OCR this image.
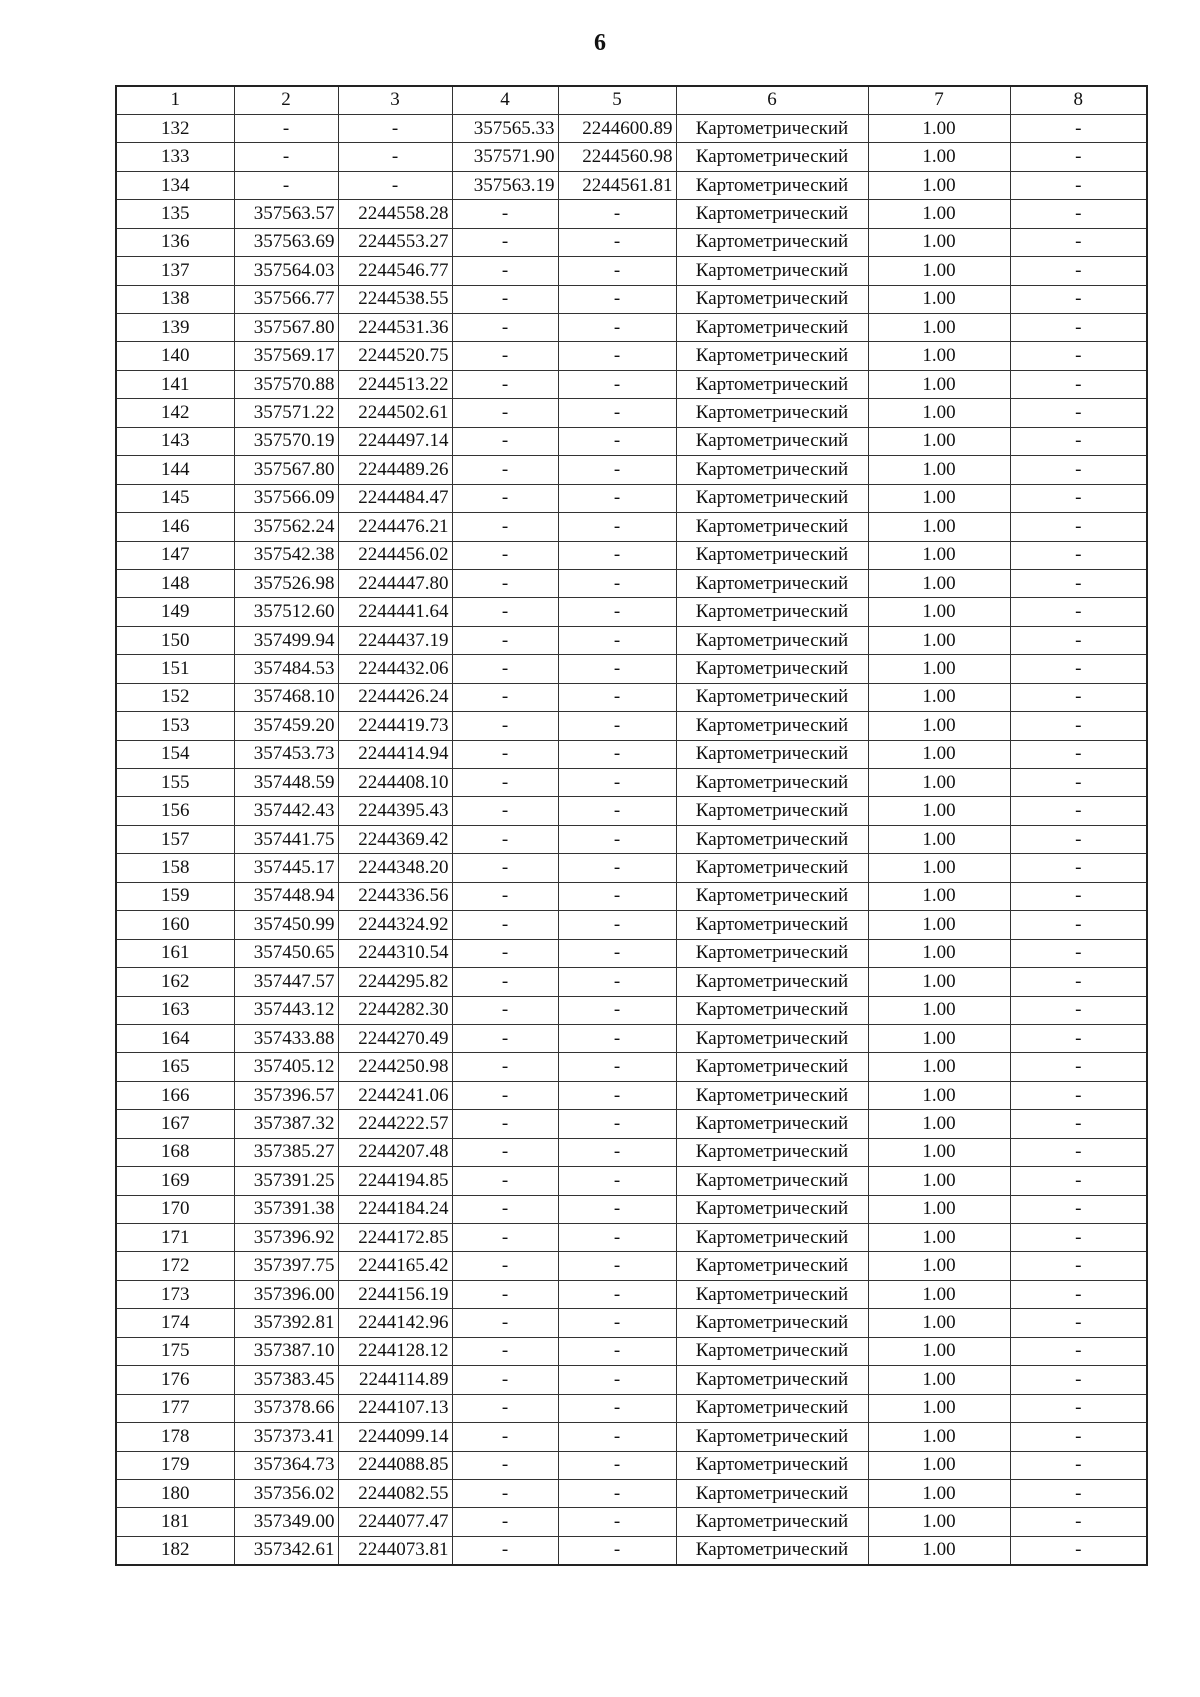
6
1	2	3	4	5	6	7	8
132	-	-	357565.33	2244600.89	Картометрический	1.00	-
133	-	-	357571.90	2244560.98	Картометрический	1.00	-
134	-	-	357563.19	2244561.81	Картометрический	1.00	-
135	357563.57	2244558.28	-	-	Картометрический	1.00	-
136	357563.69	2244553.27	-	-	Картометрический	1.00	-
137	357564.03	2244546.77	-	-	Картометрический	1.00	-
138	357566.77	2244538.55	-	-	Картометрический	1.00	-
139	357567.80	2244531.36	-	-	Картометрический	1.00	-
140	357569.17	2244520.75	-	-	Картометрический	1.00	-
141	357570.88	2244513.22	-	-	Картометрический	1.00	-
142	357571.22	2244502.61	-	-	Картометрический	1.00	-
143	357570.19	2244497.14	-	-	Картометрический	1.00	-
144	357567.80	2244489.26	-	-	Картометрический	1.00	-
145	357566.09	2244484.47	-	-	Картометрический	1.00	-
146	357562.24	2244476.21	-	-	Картометрический	1.00	-
147	357542.38	2244456.02	-	-	Картометрический	1.00	-
148	357526.98	2244447.80	-	-	Картометрический	1.00	-
149	357512.60	2244441.64	-	-	Картометрический	1.00	-
150	357499.94	2244437.19	-	-	Картометрический	1.00	-
151	357484.53	2244432.06	-	-	Картометрический	1.00	-
152	357468.10	2244426.24	-	-	Картометрический	1.00	-
153	357459.20	2244419.73	-	-	Картометрический	1.00	-
154	357453.73	2244414.94	-	-	Картометрический	1.00	-
155	357448.59	2244408.10	-	-	Картометрический	1.00	-
156	357442.43	2244395.43	-	-	Картометрический	1.00	-
157	357441.75	2244369.42	-	-	Картометрический	1.00	-
158	357445.17	2244348.20	-	-	Картометрический	1.00	-
159	357448.94	2244336.56	-	-	Картометрический	1.00	-
160	357450.99	2244324.92	-	-	Картометрический	1.00	-
161	357450.65	2244310.54	-	-	Картометрический	1.00	-
162	357447.57	2244295.82	-	-	Картометрический	1.00	-
163	357443.12	2244282.30	-	-	Картометрический	1.00	-
164	357433.88	2244270.49	-	-	Картометрический	1.00	-
165	357405.12	2244250.98	-	-	Картометрический	1.00	-
166	357396.57	2244241.06	-	-	Картометрический	1.00	-
167	357387.32	2244222.57	-	-	Картометрический	1.00	-
168	357385.27	2244207.48	-	-	Картометрический	1.00	-
169	357391.25	2244194.85	-	-	Картометрический	1.00	-
170	357391.38	2244184.24	-	-	Картометрический	1.00	-
171	357396.92	2244172.85	-	-	Картометрический	1.00	-
172	357397.75	2244165.42	-	-	Картометрический	1.00	-
173	357396.00	2244156.19	-	-	Картометрический	1.00	-
174	357392.81	2244142.96	-	-	Картометрический	1.00	-
175	357387.10	2244128.12	-	-	Картометрический	1.00	-
176	357383.45	2244114.89	-	-	Картометрический	1.00	-
177	357378.66	2244107.13	-	-	Картометрический	1.00	-
178	357373.41	2244099.14	-	-	Картометрический	1.00	-
179	357364.73	2244088.85	-	-	Картометрический	1.00	-
180	357356.02	2244082.55	-	-	Картометрический	1.00	-
181	357349.00	2244077.47	-	-	Картометрический	1.00	-
182	357342.61	2244073.81	-	-	Картометрический	1.00	-
